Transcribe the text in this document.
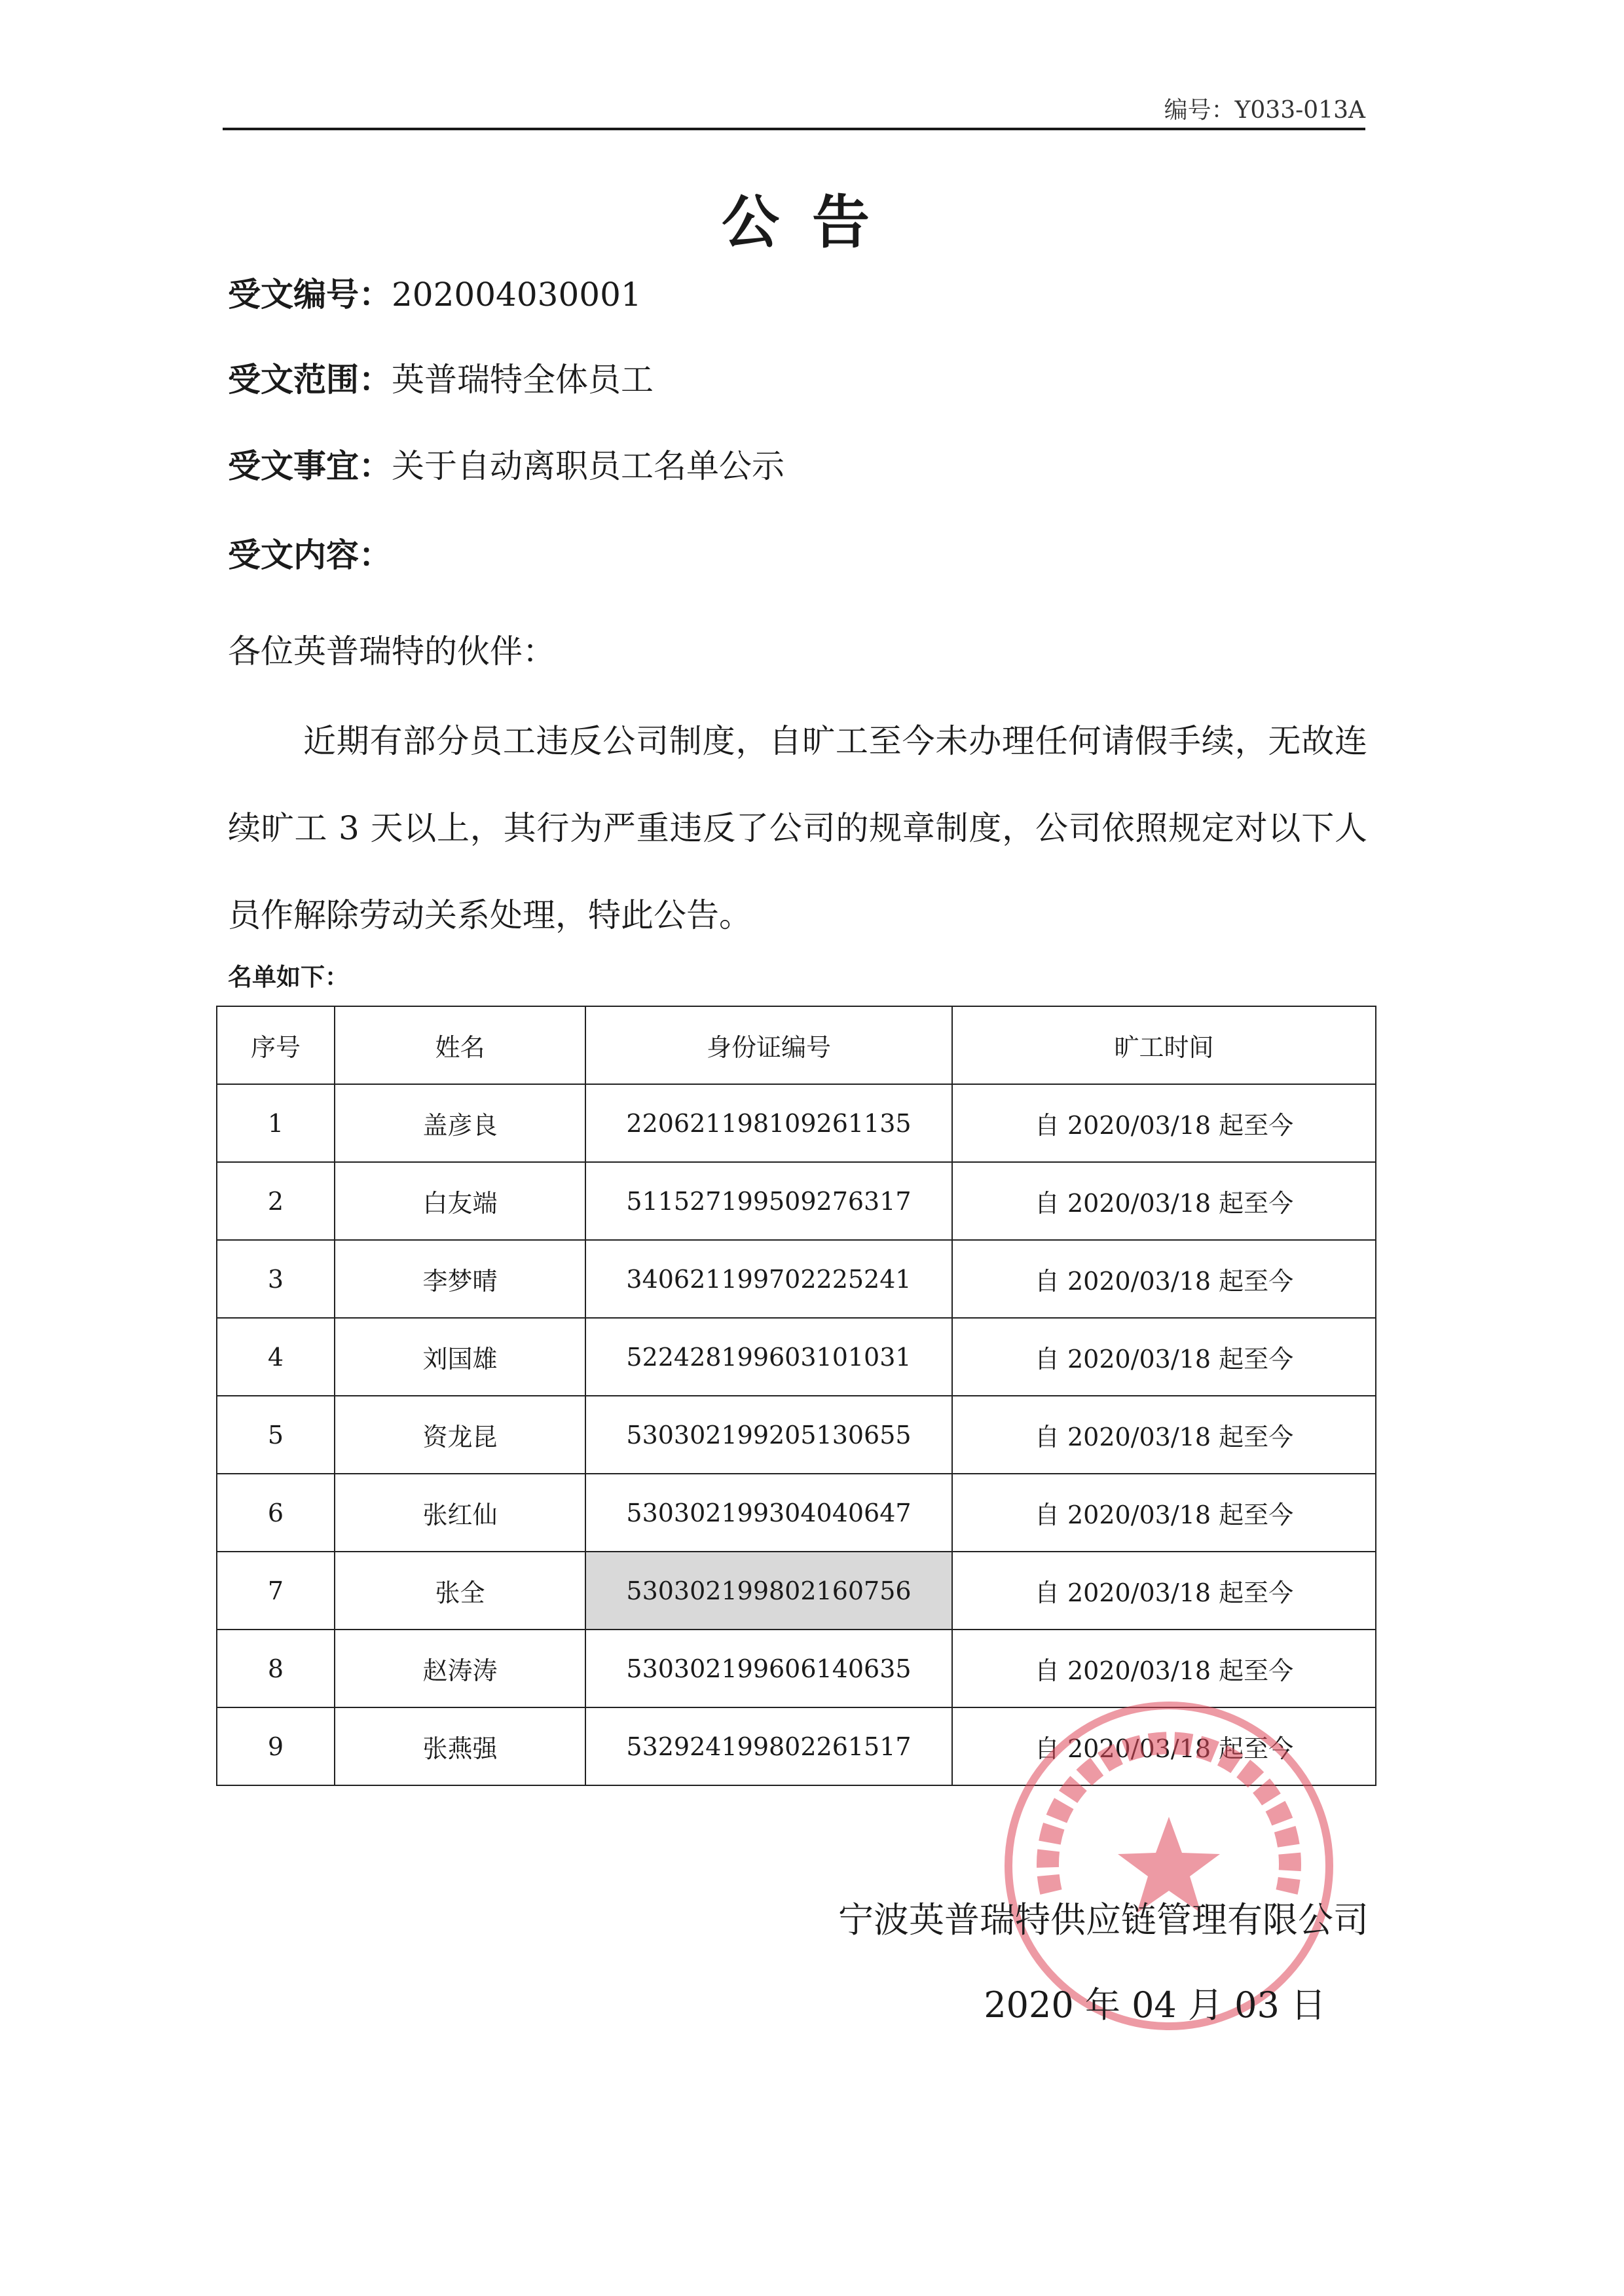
编号：Y033-013A
公告
受文编号：202004030001
受文范围：英普瑞特全体员工
受文事宜：关于自动离职员工名单公示
受文内容：
各位英普瑞特的伙伴：
近期有部分员工违反公司制度，自旷工至今未办理任何请假手续，无故连续旷工 3 天以上，其行为严重违反了公司的规章制度，公司依照规定对以下人员作解除劳动关系处理，特此公告。
名单如下：
序号	姓名	身份证编号	旷工时间
1	盖彦良	220621198109261135	自 2020/03/18 起至今
2	白友端	511527199509276317	自 2020/03/18 起至今
3	李梦晴	340621199702225241	自 2020/03/18 起至今
4	刘国雄	522428199603101031	自 2020/03/18 起至今
5	资龙昆	530302199205130655	自 2020/03/18 起至今
6	张红仙	530302199304040647	自 2020/03/18 起至今
7	张全	530302199802160756	自 2020/03/18 起至今
8	赵涛涛	530302199606140635	自 2020/03/18 起至今
9	张燕强	532924199802261517	自 2020/03/18 起至今
宁波英普瑞特供应链管理有限公司
2020 年 04 月 03 日
